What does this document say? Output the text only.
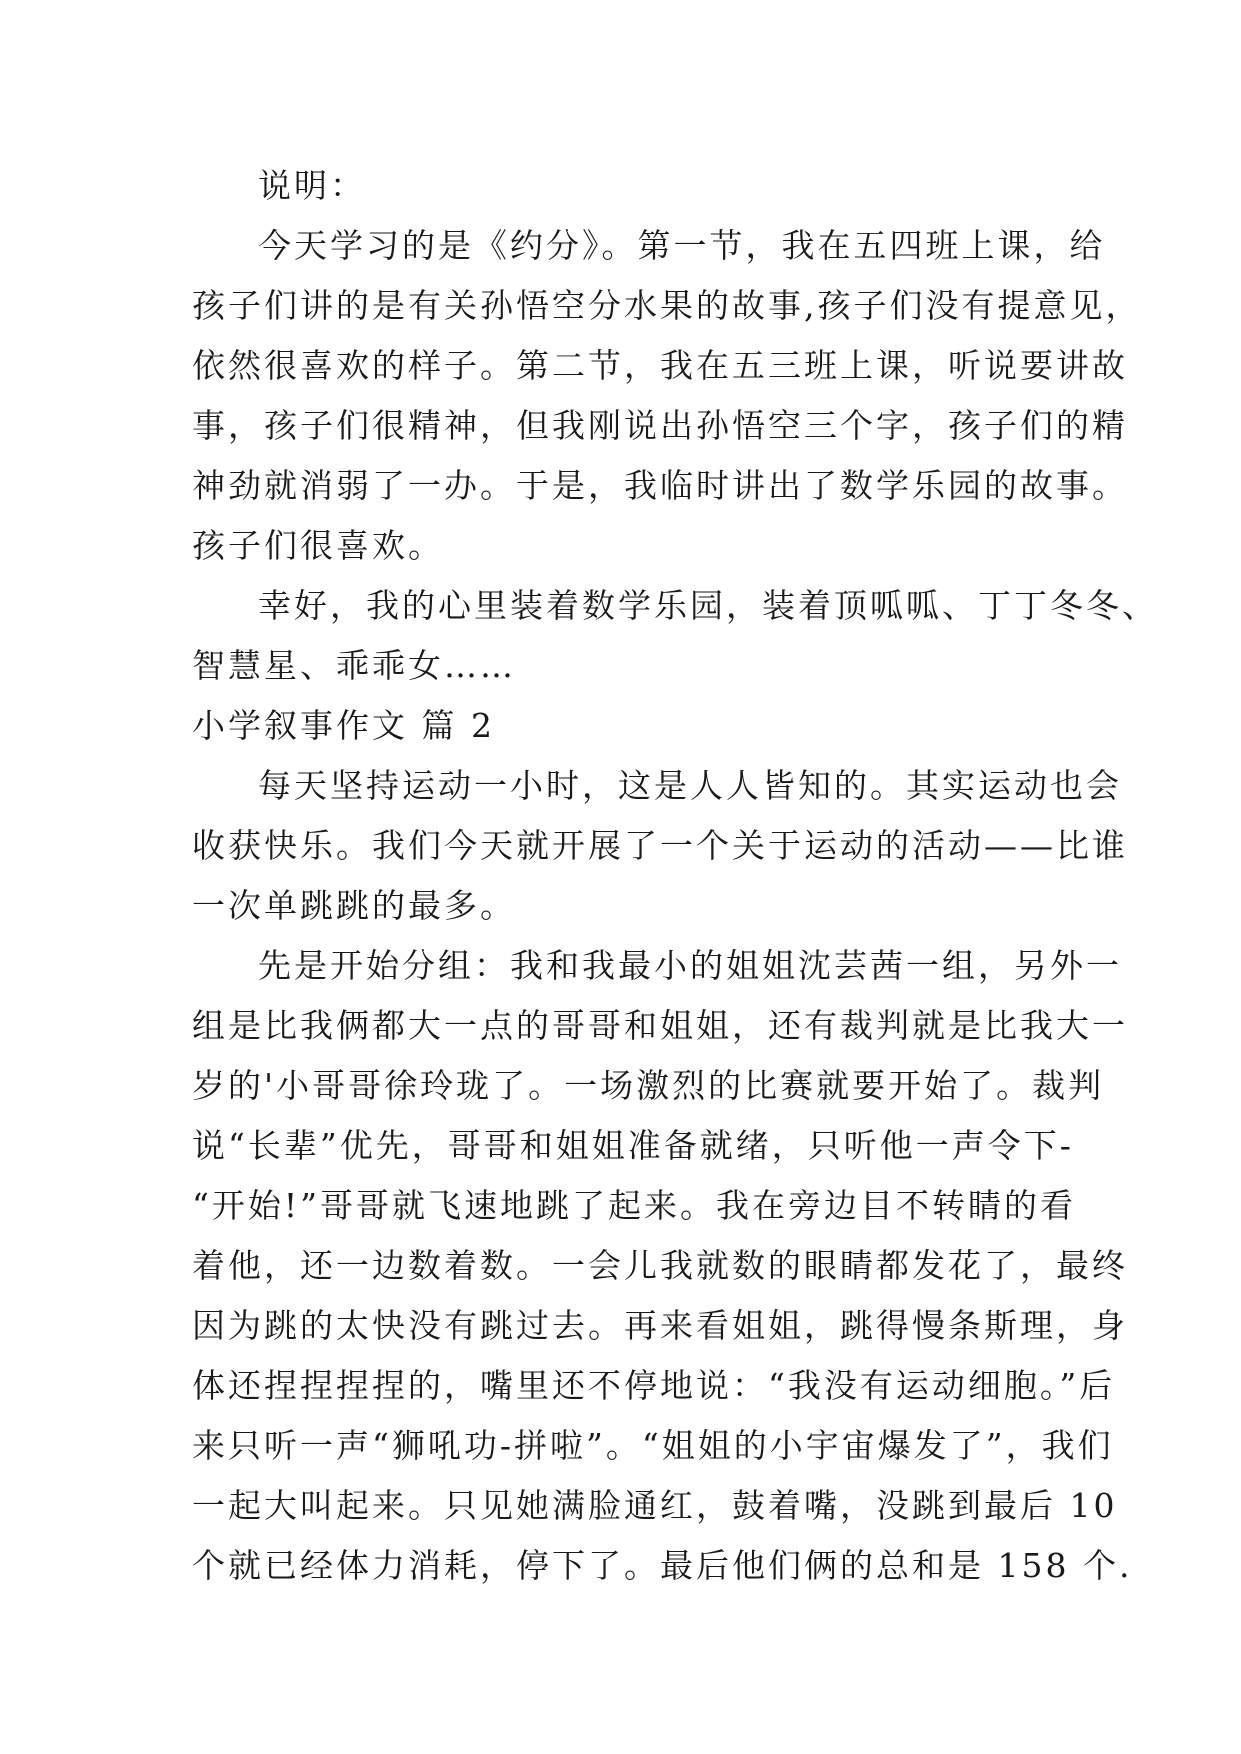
说明：
今天学习的是《约分》。第一节，我在五四班上课，给
孩子们讲的是有关孙悟空分水果的故事,孩子们没有提意见，
依然很喜欢的样子。第二节，我在五三班上课，听说要讲故
事，孩子们很精神，但我刚说出孙悟空三个字，孩子们的精
神劲就消弱了一办。于是，我临时讲出了数学乐园的故事。
孩子们很喜欢。
幸好，我的心里装着数学乐园，装着顶呱呱、丁丁冬冬、
智慧星、乖乖女……
小学叙事作文 篇 2
每天坚持运动一小时，这是人人皆知的。其实运动也会
收获快乐。我们今天就开展了一个关于运动的活动——比谁
一次单跳跳的最多。
先是开始分组：我和我最小的姐姐沈芸茜一组，另外一
组是比我俩都大一点的哥哥和姐姐，还有裁判就是比我大一
岁的'小哥哥徐玲珑了。一场激烈的比赛就要开始了。裁判
说“长辈”优先，哥哥和姐姐准备就绪，只听他一声令下-
“开始!”哥哥就飞速地跳了起来。我在旁边目不转睛的看
着他，还一边数着数。一会儿我就数的眼睛都发花了，最终
因为跳的太快没有跳过去。再来看姐姐，跳得慢条斯理，身
体还捏捏捏捏的，嘴里还不停地说：“我没有运动细胞。”后
来只听一声“狮吼功-拼啦”。“姐姐的小宇宙爆发了”，我们
一起大叫起来。只见她满脸通红，鼓着嘴，没跳到最后 10
个就已经体力消耗，停下了。最后他们俩的总和是 158 个.
